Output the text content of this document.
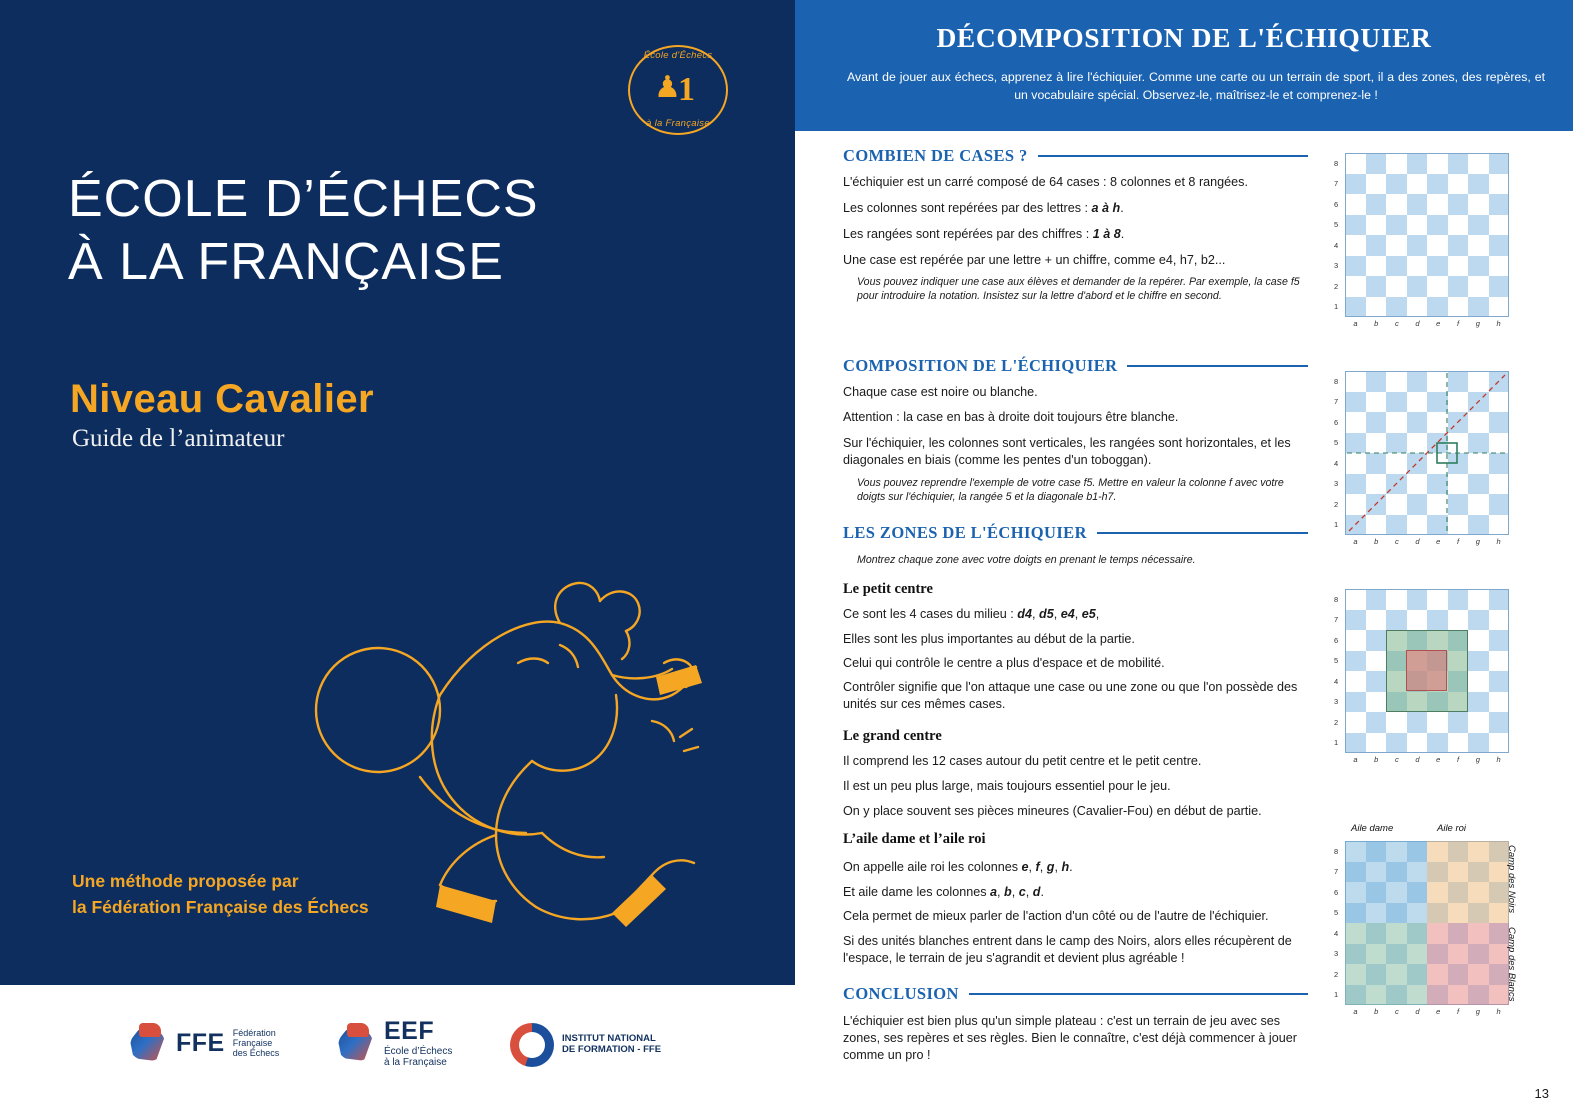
École d'Échecs
à la Française
♟
1
ÉCOLE D’ÉCHECS
À LA FRANÇAISE
Niveau Cavalier
Guide de l’animateur
Une méthode proposée par
la Fédération Française des Échecs
FFE Fédération
Française
des Échecs
EEF
École d’Échecs
à la Française
INSTITUT NATIONAL
DE FORMATION - FFE
DÉCOMPOSITION DE L'ÉCHIQUIER

Avant de jouer aux échecs, apprenez à lire l'échiquier. Comme une carte ou un terrain de sport, il a des zones, des repères, et un vocabulaire spécial. Observez-le, maîtrisez-le et comprenez-le !

COMBIEN DE CASES ?
L'échiquier est un carré composé de 64 cases : 8 colonnes et 8 rangées.
Les colonnes sont repérées par des lettres : a à h.
Les rangées sont repérées par des chiffres : 1 à 8.
Une case est repérée par une lettre + un chiffre, comme e4, h7, b2...
Vous pouvez indiquer une case aux élèves et demander de la repérer. Par exemple, la case f5 pour introduire la notation. Insistez sur la lettre d'abord et le chiffre en second.
COMPOSITION DE L'ÉCHIQUIER
Chaque case est noire ou blanche.
Attention : la case en bas à droite doit toujours être blanche.
Sur l'échiquier, les colonnes sont verticales, les rangées sont horizontales, et les diagonales en biais (comme les pentes d'un toboggan).
Vous pouvez reprendre l'exemple de votre case f5. Mettre en valeur la colonne f avec votre doigts sur l'échiquier, la rangée 5 et la diagonale b1-h7.
LES ZONES DE L'ÉCHIQUIER
Montrez chaque zone avec votre doigts en prenant le temps nécessaire.
Le petit centre
Ce sont les 4 cases du milieu : d4, d5, e4, e5,
Elles sont les plus importantes au début de la partie.
Celui qui contrôle le centre a plus d'espace et de mobilité.
Contrôler signifie que l'on attaque une case ou une zone ou que l'on possède des unités sur ces mêmes cases.
Le grand centre
Il comprend les 12 cases autour du petit centre et le petit centre.
Il est un peu plus large, mais toujours essentiel pour le jeu.
On y place souvent ses pièces mineures (Cavalier-Fou) en début de partie.
L’aile dame et l’aile roi
On appelle aile roi les colonnes e, f, g, h.
Et aile dame les colonnes a, b, c, d.
Cela permet de mieux parler de l'action d'un côté ou de l'autre de l'échiquier.
Si des unités blanches entrent dans le camp des Noirs, alors elles récupèrent de l'espace, le terrain de jeu s'agrandit et devient plus agréable !
CONCLUSION
L'échiquier est bien plus qu'un simple plateau : c'est un terrain de jeu avec ses zones, ses repères et ses règles. Bien le connaître, c'est déjà commencer à jouer comme un pro !
8
7
6
5
4
3
2
1
a b c d e f g h
8
7
6
5
4
3
2
1
a b c d e f g h
8
7
6
5
4
3
2
1
a b c d e f g h
8
7
6
5
4
3
2
1
a b c d e f g h
Aile dame	Aile roi
Camp des Noirs
Camp des Blancs
13
